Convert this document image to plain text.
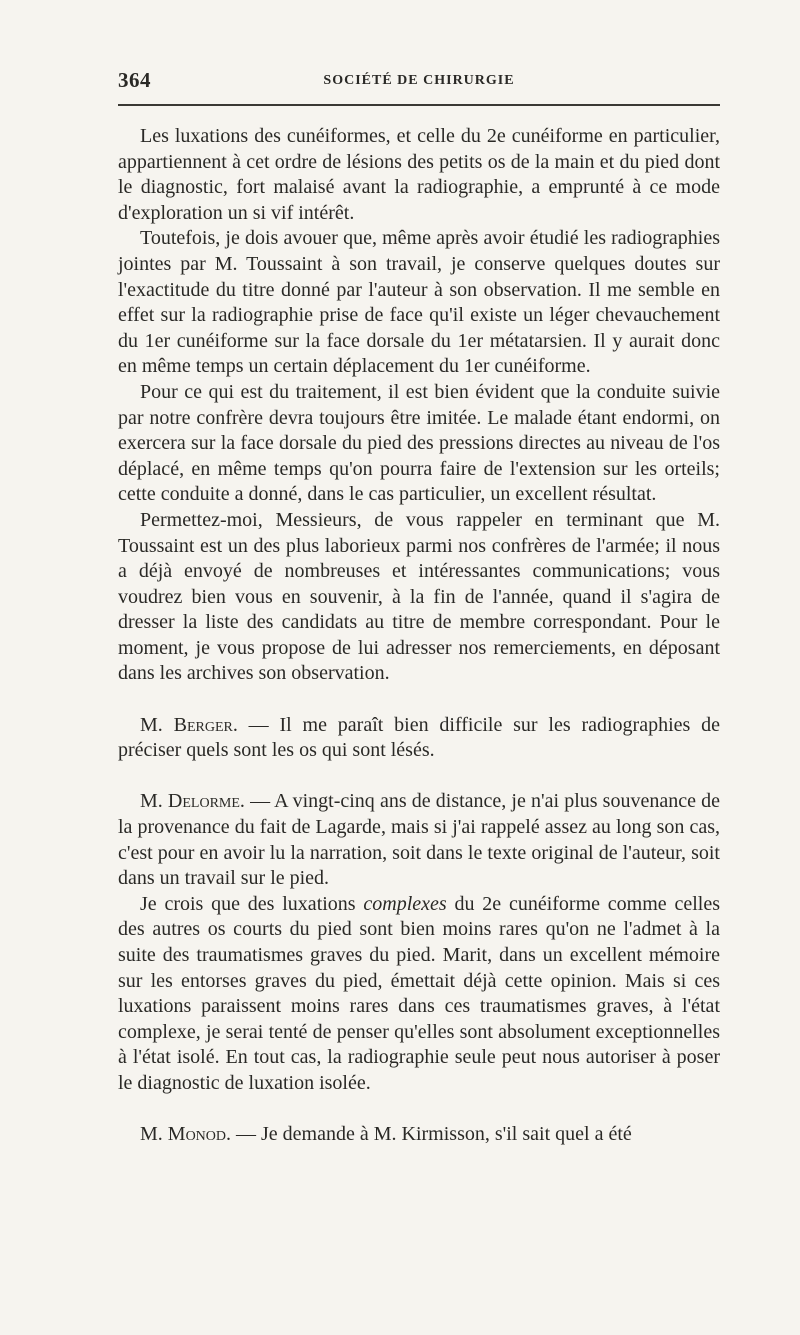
364	SOCIÉTÉ DE CHIRURGIE

Les luxations des cunéiformes, et celle du 2e cunéiforme en particulier, appartiennent à cet ordre de lésions des petits os de la main et du pied dont le diagnostic, fort malaisé avant la radiographie, a emprunté à ce mode d'exploration un si vif intérêt.

Toutefois, je dois avouer que, même après avoir étudié les radiographies jointes par M. Toussaint à son travail, je conserve quelques doutes sur l'exactitude du titre donné par l'auteur à son observation. Il me semble en effet sur la radiographie prise de face qu'il existe un léger chevauchement du 1er cunéiforme sur la face dorsale du 1er métatarsien. Il y aurait donc en même temps un certain déplacement du 1er cunéiforme.

Pour ce qui est du traitement, il est bien évident que la conduite suivie par notre confrère devra toujours être imitée. Le malade étant endormi, on exercera sur la face dorsale du pied des pressions directes au niveau de l'os déplacé, en même temps qu'on pourra faire de l'extension sur les orteils; cette conduite a donné, dans le cas particulier, un excellent résultat.

Permettez-moi, Messieurs, de vous rappeler en terminant que M. Toussaint est un des plus laborieux parmi nos confrères de l'armée; il nous a déjà envoyé de nombreuses et intéressantes communications; vous voudrez bien vous en souvenir, à la fin de l'année, quand il s'agira de dresser la liste des candidats au titre de membre correspondant. Pour le moment, je vous propose de lui adresser nos remerciements, en déposant dans les archives son observation.

M. Berger. — Il me paraît bien difficile sur les radiographies de préciser quels sont les os qui sont lésés.

M. Delorme. — A vingt-cinq ans de distance, je n'ai plus souvenance de la provenance du fait de Lagarde, mais si j'ai rappelé assez au long son cas, c'est pour en avoir lu la narration, soit dans le texte original de l'auteur, soit dans un travail sur le pied.

Je crois que des luxations complexes du 2e cunéiforme comme celles des autres os courts du pied sont bien moins rares qu'on ne l'admet à la suite des traumatismes graves du pied. Marit, dans un excellent mémoire sur les entorses graves du pied, émettait déjà cette opinion. Mais si ces luxations paraissent moins rares dans ces traumatismes graves, à l'état complexe, je serai tenté de penser qu'elles sont absolument exceptionnelles à l'état isolé. En tout cas, la radiographie seule peut nous autoriser à poser le diagnostic de luxation isolée.

M. Monod. — Je demande à M. Kirmisson, s'il sait quel a été
